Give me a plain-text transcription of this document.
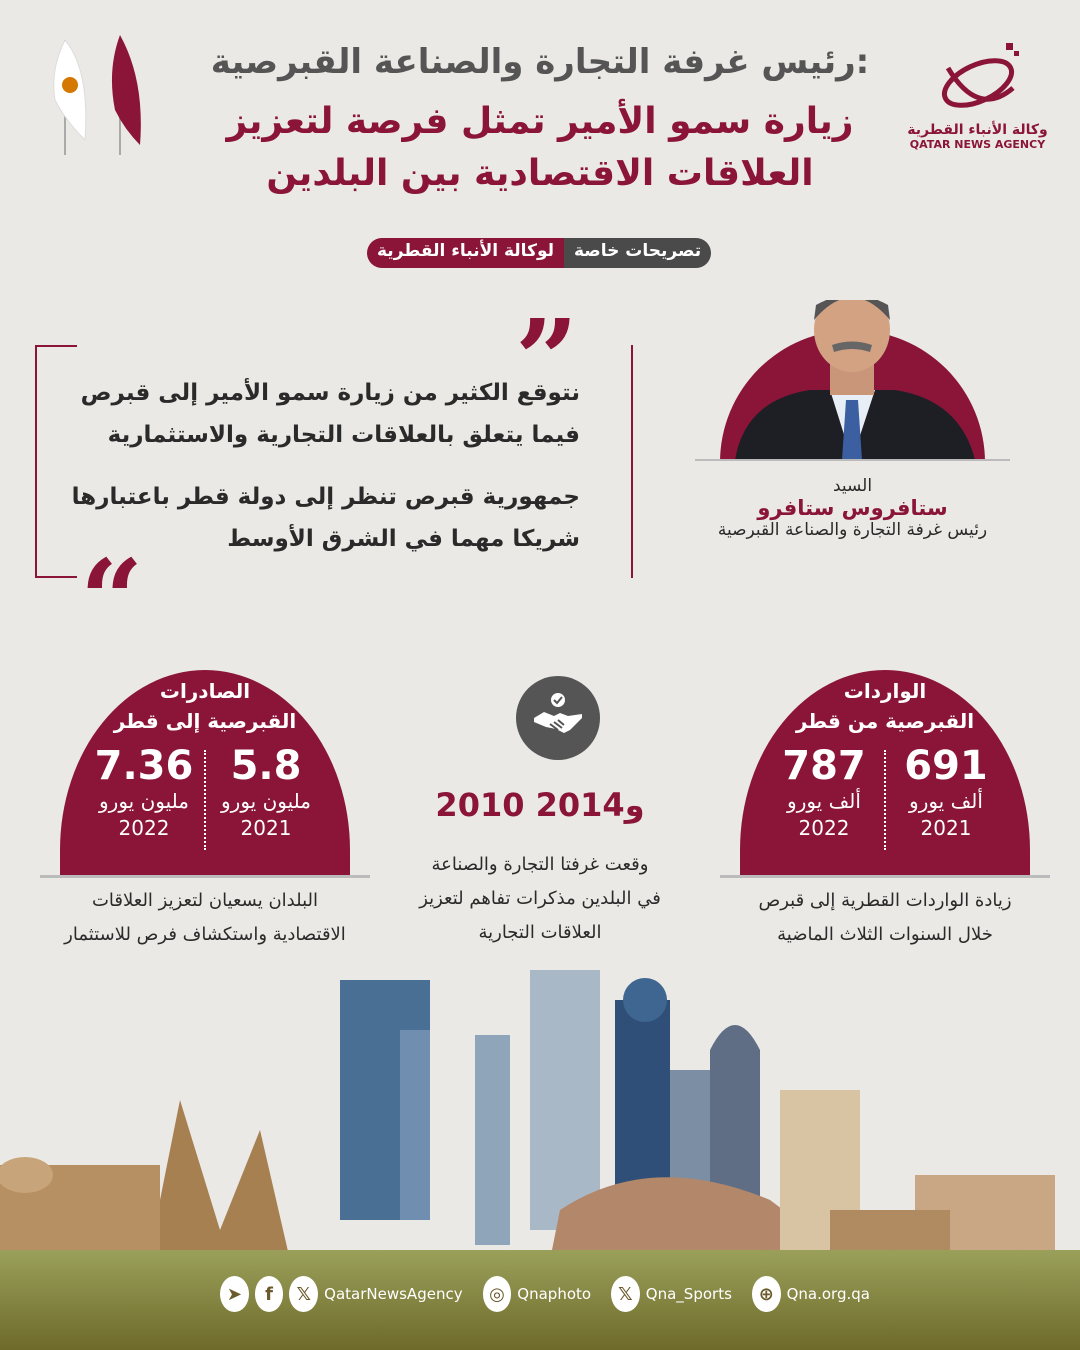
رئيس غرفة التجارة والصناعة القبرصية:
زيارة سمو الأمير تمثل فرصة لتعزيز
العلاقات الاقتصادية بين البلدين
وكالة الأنباء القطرية
QATAR NEWS AGENCY
لوكالة الأنباء القطرية	تصريحات خاصة
السيد
ستافروس ستافرو
رئيس غرفة التجارة والصناعة القبرصية
”
“
نتوقع الكثير من زيارة سمو الأمير إلى قبرص
فيما يتعلق بالعلاقات التجارية والاستثمارية
جمهورية قبرص تنظر إلى دولة قطر باعتبارها
شريكا مهما في الشرق الأوسط
الصادرات
القبرصية إلى قطر
7.36
مليون يورو
2022
5.8
مليون يورو
2021
البلدان يسعيان لتعزيز العلاقات
الاقتصادية واستكشاف فرص للاستثمار
الواردات
القبرصية من قطر
787
ألف يورو
2022
691
ألف يورو
2021
زيادة الواردات القطرية إلى قبرص
خلال السنوات الثلاث الماضية
2010 و2014
وقعت غرفتا التجارة والصناعة
في البلدين مذكرات تفاهم لتعزيز
العلاقات التجارية
➤	f	𝕏 QatarNewsAgency	◎ Qnaphoto	𝕏 Qna_Sports	⊕ Qna.org.qa
